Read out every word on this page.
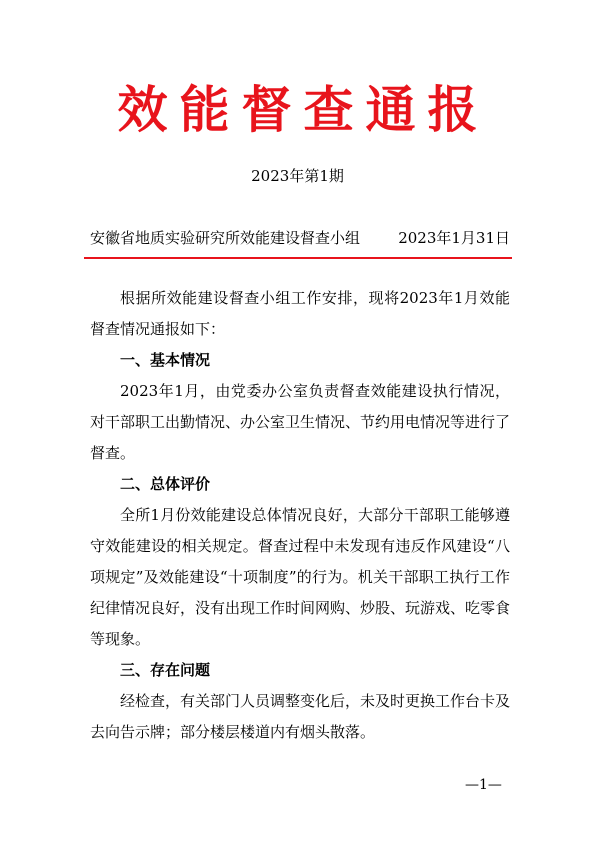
效能督查通报
2023年第1期
安徽省地质实验研究所效能建设督查小组	2023年1月31日

根据所效能建设督查小组工作安排，现将2023年1月效能督查情况通报如下：

一、基本情况

2023年1月，由党委办公室负责督查效能建设执行情况，对干部职工出勤情况、办公室卫生情况、节约用电情况等进行了督查。

二、总体评价

全所1月份效能建设总体情况良好，大部分干部职工能够遵守效能建设的相关规定。督查过程中未发现有违反作风建设“八项规定”及效能建设“十项制度”的行为。机关干部职工执行工作纪律情况良好，没有出现工作时间网购、炒股、玩游戏、吃零食等现象。

三、存在问题

经检查，有关部门人员调整变化后，未及时更换工作台卡及去向告示牌；部分楼层楼道内有烟头散落。

—1—
